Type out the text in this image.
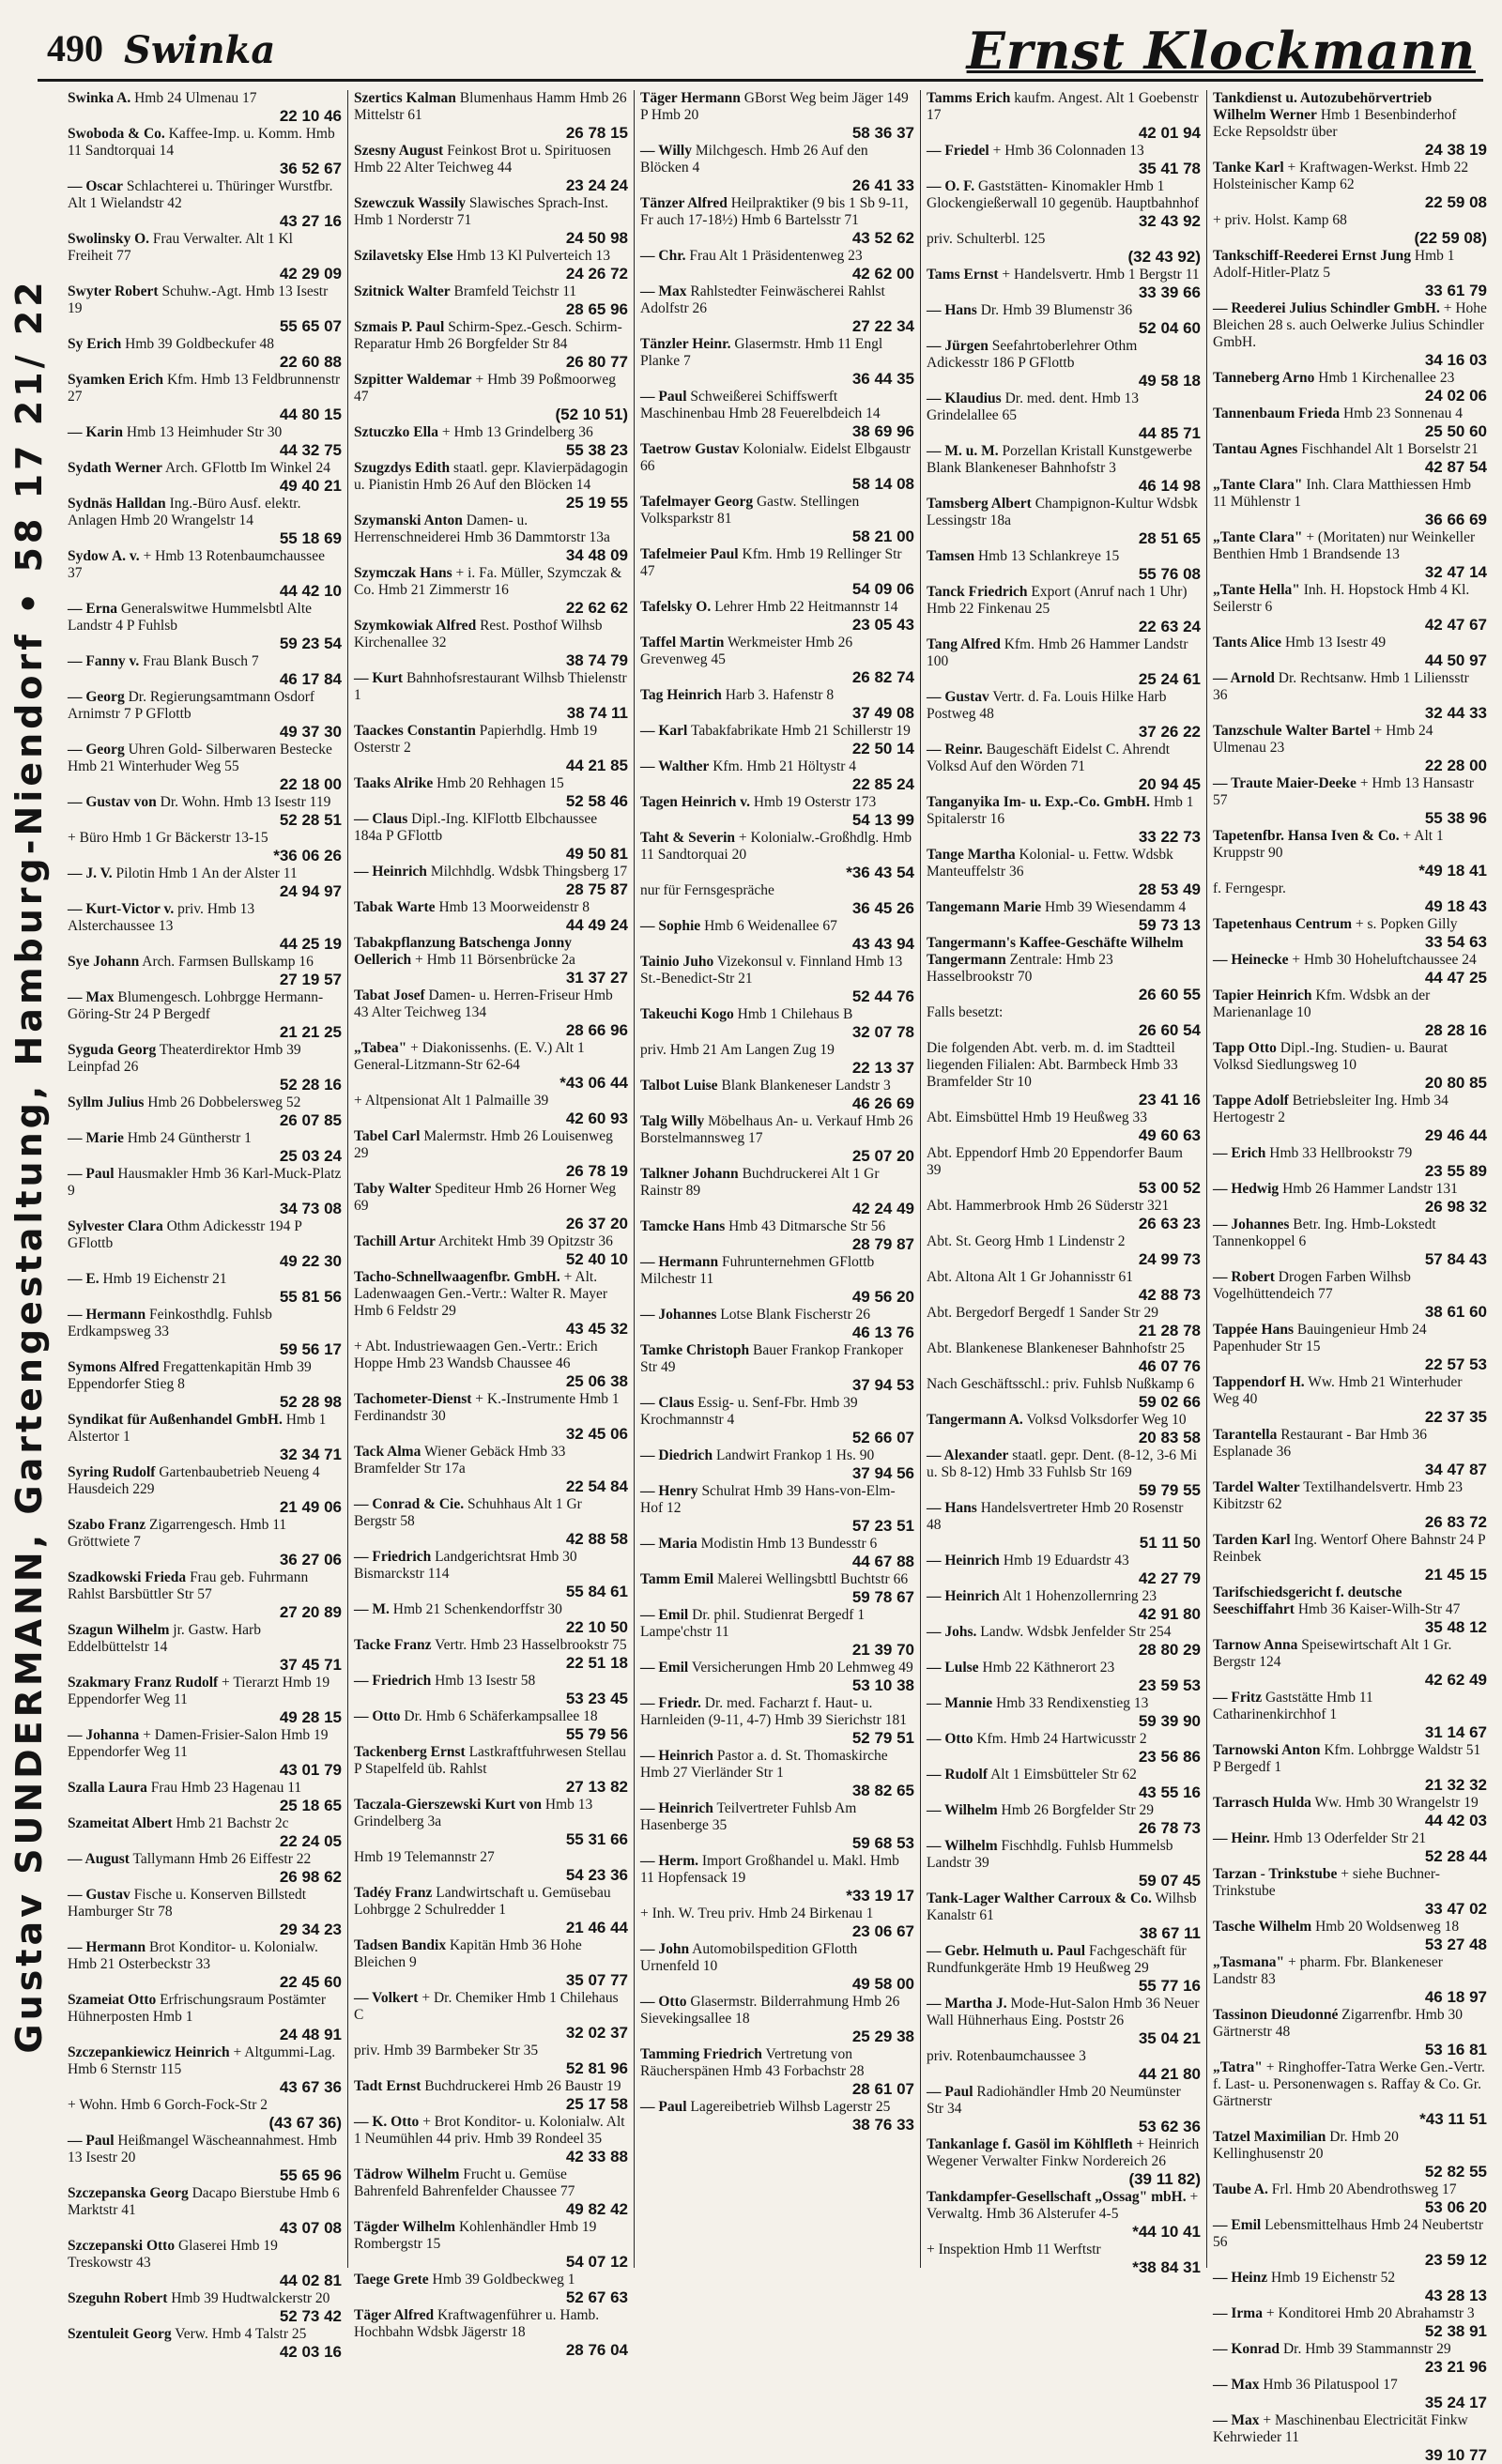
490 Swinka	Ernst Klockmann
Gustav SUNDERMANN, Gartengestaltung, Hamburg-Niendorf • 58 17 21/ 22
Swinka A. Hmb 24 Ulmenau 17
22 10 46
Swoboda & Co. Kaffee-Imp. u. Komm. Hmb 11 Sandtorquai 14
36 52 67
— Oscar Schlachterei u. Thüringer Wurstfbr. Alt 1 Wielandstr 42
43 27 16
Swolinsky O. Frau Verwalter. Alt 1 Kl Freiheit 77
42 29 09
Swyter Robert Schuhw.-Agt. Hmb 13 Isestr 19
55 65 07
Sy Erich Hmb 39 Goldbeckufer 48
22 60 88
Syamken Erich Kfm. Hmb 13 Feldbrunnenstr 27
44 80 15
— Karin Hmb 13 Heimhuder Str 30
44 32 75
Sydath Werner Arch. GFlottb Im Winkel 24
49 40 21
Sydnäs Halldan Ing.-Büro Ausf. elektr. Anlagen Hmb 20 Wrangelstr 14
55 18 69
Sydow A. v. + Hmb 13 Rotenbaumchaussee 37
44 42 10
— Erna Generalswitwe Hummelsbtl Alte Landstr 4 P Fuhlsb
59 23 54
— Fanny v. Frau Blank Busch 7
46 17 84
— Georg Dr. Regierungsamtmann Osdorf Arnimstr 7 P GFlottb
49 37 30
— Georg Uhren Gold- Silberwaren Bestecke Hmb 21 Winterhuder Weg 55
22 18 00
— Gustav von Dr. Wohn. Hmb 13 Isestr 119
52 28 51
+ Büro Hmb 1 Gr Bäckerstr 13-15
*36 06 26
— J. V. Pilotin Hmb 1 An der Alster 11
24 94 97
— Kurt-Victor v. priv. Hmb 13 Alsterchaussee 13
44 25 19
Sye Johann Arch. Farmsen Bullskamp 16
27 19 57
— Max Blumengesch. Lohbrgge Hermann-Göring-Str 24 P Bergedf
21 21 25
Syguda Georg Theaterdirektor Hmb 39 Leinpfad 26
52 28 16
Syllm Julius Hmb 26 Dobbelersweg 52
26 07 85
— Marie Hmb 24 Güntherstr 1
25 03 24
— Paul Hausmakler Hmb 36 Karl-Muck-Platz 9
34 73 08
Sylvester Clara Othm Adickesstr 194 P GFlottb
49 22 30
— E. Hmb 19 Eichenstr 21
55 81 56
— Hermann Feinkosthdlg. Fuhlsb Erdkampsweg 33
59 56 17
Symons Alfred Fregattenkapitän Hmb 39 Eppendorfer Stieg 8
52 28 98
Syndikat für Außenhandel GmbH. Hmb 1 Alstertor 1
32 34 71
Syring Rudolf Gartenbaubetrieb Neueng 4 Hausdeich 229
21 49 06
Szabo Franz Zigarrengesch. Hmb 11 Gröttwiete 7
36 27 06
Szadkowski Frieda Frau geb. Fuhrmann Rahlst Barsbüttler Str 57
27 20 89
Szagun Wilhelm jr. Gastw. Harb Eddelbüttelstr 14
37 45 71
Szakmary Franz Rudolf + Tierarzt Hmb 19 Eppendorfer Weg 11
49 28 15
— Johanna + Damen-Frisier-Salon Hmb 19 Eppendorfer Weg 11
43 01 79
Szalla Laura Frau Hmb 23 Hagenau 11
25 18 65
Szameitat Albert Hmb 21 Bachstr 2c
22 24 05
— August Tallymann Hmb 26 Eiffestr 22
26 98 62
— Gustav Fische u. Konserven Billstedt Hamburger Str 78
29 34 23
— Hermann Brot Konditor- u. Kolonialw. Hmb 21 Osterbeckstr 33
22 45 60
Szameiat Otto Erfrischungsraum Postämter Hühnerposten Hmb 1
24 48 91
Szczepankiewicz Heinrich + Altgummi-Lag. Hmb 6 Sternstr 115
43 67 36
+ Wohn. Hmb 6 Gorch-Fock-Str 2
(43 67 36)
— Paul Heißmangel Wäscheannahmest. Hmb 13 Isestr 20
55 65 96
Szczepanska Georg Dacapo Bierstube Hmb 6 Marktstr 41
43 07 08
Szczepanski Otto Glaserei Hmb 19 Treskowstr 43
44 02 81
Szeguhn Robert Hmb 39 Hudtwalckerstr 20
52 73 42
Szentuleit Georg Verw. Hmb 4 Talstr 25
42 03 16
Szertics Kalman Blumenhaus Hamm Hmb 26 Mittelstr 61
26 78 15
Szesny August Feinkost Brot u. Spirituosen Hmb 22 Alter Teichweg 44
23 24 24
Szewczuk Wassily Slawisches Sprach-Inst. Hmb 1 Norderstr 71
24 50 98
Szilavetsky Else Hmb 13 Kl Pulverteich 13
24 26 72
Szitnick Walter Bramfeld Teichstr 11
28 65 96
Szmais P. Paul Schirm-Spez.-Gesch. Schirm-Reparatur Hmb 26 Borgfelder Str 84
26 80 77
Szpitter Waldemar + Hmb 39 Poßmoorweg 47
(52 10 51)
Sztuczko Ella + Hmb 13 Grindelberg 36
55 38 23
Szugzdys Edith staatl. gepr. Klavierpädagogin u. Pianistin Hmb 26 Auf den Blöcken 14
25 19 55
Szymanski Anton Damen- u. Herrenschneiderei Hmb 36 Dammtorstr 13a
34 48 09
Szymczak Hans + i. Fa. Müller, Szymczak & Co. Hmb 21 Zimmerstr 16
22 62 62
Szymkowiak Alfred Rest. Posthof Wilhsb Kirchenallee 32
38 74 79
— Kurt Bahnhofsrestaurant Wilhsb Thielenstr 1
38 74 11
Taackes Constantin Papierhdlg. Hmb 19 Osterstr 2
44 21 85
Taaks Alrike Hmb 20 Rehhagen 15
52 58 46
— Claus Dipl.-Ing. KlFlottb Elbchaussee 184a P GFlottb
49 50 81
— Heinrich Milchhdlg. Wdsbk Thingsberg 17
28 75 87
Tabak Warte Hmb 13 Moorweidenstr 8
44 49 24
Tabakpflanzung Batschenga Jonny Oellerich + Hmb 11 Börsenbrücke 2a
31 37 27
Tabat Josef Damen- u. Herren-Friseur Hmb 43 Alter Teichweg 134
28 66 96
„Tabea" + Diakonissenhs. (E. V.) Alt 1 General-Litzmann-Str 62-64
*43 06 44
+ Altpensionat Alt 1 Palmaille 39
42 60 93
Tabel Carl Malermstr. Hmb 26 Louisenweg 29
26 78 19
Taby Walter Spediteur Hmb 26 Horner Weg 69
26 37 20
Tachill Artur Architekt Hmb 39 Opitzstr 36
52 40 10
Tacho-Schnellwaagenfbr. GmbH. + Alt. Ladenwaagen Gen.-Vertr.: Walter R. Mayer Hmb 6 Feldstr 29
43 45 32
+ Abt. Industriewaagen Gen.-Vertr.: Erich Hoppe Hmb 23 Wandsb Chaussee 46
25 06 38
Tachometer-Dienst + K.-Instrumente Hmb 1 Ferdinandstr 30
32 45 06
Tack Alma Wiener Gebäck Hmb 33 Bramfelder Str 17a
22 54 84
— Conrad & Cie. Schuhhaus Alt 1 Gr Bergstr 58
42 88 58
— Friedrich Landgerichtsrat Hmb 30 Bismarckstr 114
55 84 61
— M. Hmb 21 Schenkendorffstr 30
22 10 50
Tacke Franz Vertr. Hmb 23 Hasselbrookstr 75
22 51 18
— Friedrich Hmb 13 Isestr 58
53 23 45
— Otto Dr. Hmb 6 Schäferkampsallee 18
55 79 56
Tackenberg Ernst Lastkraftfuhrwesen Stellau P Stapelfeld üb. Rahlst
27 13 82
Taczala-Gierszewski Kurt von Hmb 13 Grindelberg 3a
55 31 66
Hmb 19 Telemannstr 27
54 23 36
Tadéy Franz Landwirtschaft u. Gemüsebau Lohbrgge 2 Schulredder 1
21 46 44
Tadsen Bandix Kapitän Hmb 36 Hohe Bleichen 9
35 07 77
— Volkert + Dr. Chemiker Hmb 1 Chilehaus C
32 02 37
priv. Hmb 39 Barmbeker Str 35
52 81 96
Tadt Ernst Buchdruckerei Hmb 26 Baustr 19
25 17 58
— K. Otto + Brot Konditor- u. Kolonialw. Alt 1 Neumühlen 44 priv. Hmb 39 Rondeel 35
42 33 88
Tädrow Wilhelm Frucht u. Gemüse Bahrenfeld Bahrenfelder Chaussee 77
49 82 42
Tägder Wilhelm Kohlenhändler Hmb 19 Rombergstr 15
54 07 12
Taege Grete Hmb 39 Goldbeckweg 1
52 67 63
Täger Alfred Kraftwagenführer u. Hamb. Hochbahn Wdsbk Jägerstr 18
28 76 04
Täger Hermann GBorst Weg beim Jäger 149 P Hmb 20
58 36 37
— Willy Milchgesch. Hmb 26 Auf den Blöcken 4
26 41 33
Tänzer Alfred Heilpraktiker (9 bis 1 Sb 9-11, Fr auch 17-18½) Hmb 6 Bartelsstr 71
43 52 62
— Chr. Frau Alt 1 Präsidentenweg 23
42 62 00
— Max Rahlstedter Feinwäscherei Rahlst Adolfstr 26
27 22 34
Tänzler Heinr. Glasermstr. Hmb 11 Engl Planke 7
36 44 35
— Paul Schweißerei Schiffswerft Maschinenbau Hmb 28 Feuerelbdeich 14
38 69 96
Taetrow Gustav Kolonialw. Eidelst Elbgaustr 66
58 14 08
Tafelmayer Georg Gastw. Stellingen Volksparkstr 81
58 21 00
Tafelmeier Paul Kfm. Hmb 19 Rellinger Str 47
54 09 06
Tafelsky O. Lehrer Hmb 22 Heitmannstr 14
23 05 43
Taffel Martin Werkmeister Hmb 26 Grevenweg 45
26 82 74
Tag Heinrich Harb 3. Hafenstr 8
37 49 08
— Karl Tabakfabrikate Hmb 21 Schillerstr 19
22 50 14
— Walther Kfm. Hmb 21 Höltystr 4
22 85 24
Tagen Heinrich v. Hmb 19 Osterstr 173
54 13 99
Taht & Severin + Kolonialw.-Großhdlg. Hmb 11 Sandtorquai 20
*36 43 54
nur für Fernsgespräche
36 45 26
— Sophie Hmb 6 Weidenallee 67
43 43 94
Tainio Juho Vizekonsul v. Finnland Hmb 13 St.-Benedict-Str 21
52 44 76
Takeuchi Kogo Hmb 1 Chilehaus B
32 07 78
priv. Hmb 21 Am Langen Zug 19
22 13 37
Talbot Luise Blank Blankeneser Landstr 3
46 26 69
Talg Willy Möbelhaus An- u. Verkauf Hmb 26 Borstelmannsweg 17
25 07 20
Talkner Johann Buchdruckerei Alt 1 Gr Rainstr 89
42 24 49
Tamcke Hans Hmb 43 Ditmarsche Str 56
28 79 87
— Hermann Fuhrunternehmen GFlottb Milchestr 11
49 56 20
— Johannes Lotse Blank Fischerstr 26
46 13 76
Tamke Christoph Bauer Frankop Frankoper Str 49
37 94 53
— Claus Essig- u. Senf-Fbr. Hmb 39 Krochmannstr 4
52 66 07
— Diedrich Landwirt Frankop 1 Hs. 90
37 94 56
— Henry Schulrat Hmb 39 Hans-von-Elm-Hof 12
57 23 51
— Maria Modistin Hmb 13 Bundesstr 6
44 67 88
Tamm Emil Malerei Wellingsbttl Buchtstr 66
59 78 67
— Emil Dr. phil. Studienrat Bergedf 1 Lampe'chstr 11
21 39 70
— Emil Versicherungen Hmb 20 Lehmweg 49
53 10 38
— Friedr. Dr. med. Facharzt f. Haut- u. Harnleiden (9-11, 4-7) Hmb 39 Sierichstr 181
52 79 51
— Heinrich Pastor a. d. St. Thomaskirche Hmb 27 Vierländer Str 1
38 82 65
— Heinrich Teilvertreter Fuhlsb Am Hasenberge 35
59 68 53
— Herm. Import Großhandel u. Makl. Hmb 11 Hopfensack 19
*33 19 17
+ Inh. W. Treu priv. Hmb 24 Birkenau 1
23 06 67
— John Automobilspedition GFlotth Urnenfeld 10
49 58 00
— Otto Glasermstr. Bilderrahmung Hmb 26 Sievekingsallee 18
25 29 38
Tamming Friedrich Vertretung von Räucherspänen Hmb 43 Forbachstr 28
28 61 07
— Paul Lagereibetrieb Wilhsb Lagerstr 25
38 76 33
Tamms Erich kaufm. Angest. Alt 1 Goebenstr 17
42 01 94
— Friedel + Hmb 36 Colonnaden 13
35 41 78
— O. F. Gaststätten- Kinomakler Hmb 1 Glockengießerwall 10 gegenüb. Hauptbahnhof
32 43 92
priv. Schulterbl. 125
(32 43 92)
Tams Ernst + Handelsvertr. Hmb 1 Bergstr 11
33 39 66
— Hans Dr. Hmb 39 Blumenstr 36
52 04 60
— Jürgen Seefahrtoberlehrer Othm Adickesstr 186 P GFlottb
49 58 18
— Klaudius Dr. med. dent. Hmb 13 Grindelallee 65
44 85 71
— M. u. M. Porzellan Kristall Kunstgewerbe Blank Blankeneser Bahnhofstr 3
46 14 98
Tamsberg Albert Champignon-Kultur Wdsbk Lessingstr 18a
28 51 65
Tamsen Hmb 13 Schlankreye 15
55 76 08
Tanck Friedrich Export (Anruf nach 1 Uhr) Hmb 22 Finkenau 25
22 63 24
Tang Alfred Kfm. Hmb 26 Hammer Landstr 100
25 24 61
— Gustav Vertr. d. Fa. Louis Hilke Harb Postweg 48
37 26 22
— Reinr. Baugeschäft Eidelst C. Ahrendt Volksd Auf den Wörden 71
20 94 45
Tanganyika Im- u. Exp.-Co. GmbH. Hmb 1 Spitalerstr 16
33 22 73
Tange Martha Kolonial- u. Fettw. Wdsbk Manteuffelstr 36
28 53 49
Tangemann Marie Hmb 39 Wiesendamm 4
59 73 13
Tangermann's Kaffee-Geschäfte Wilhelm Tangermann Zentrale: Hmb 23 Hasselbrookstr 70
26 60 55
Falls besetzt:
26 60 54
Die folgenden Abt. verb. m. d. im Stadtteil liegenden Filialen: Abt. Barmbeck Hmb 33 Bramfelder Str 10
23 41 16
Abt. Eimsbüttel Hmb 19 Heußweg 33
49 60 63
Abt. Eppendorf Hmb 20 Eppendorfer Baum 39
53 00 52
Abt. Hammerbrook Hmb 26 Süderstr 321
26 63 23
Abt. St. Georg Hmb 1 Lindenstr 2
24 99 73
Abt. Altona Alt 1 Gr Johannisstr 61
42 88 73
Abt. Bergedorf Bergedf 1 Sander Str 29
21 28 78
Abt. Blankenese Blankeneser Bahnhofstr 25
46 07 76
Nach Geschäftsschl.: priv. Fuhlsb Nußkamp 6
59 02 66
Tangermann A. Volksd Volksdorfer Weg 10
20 83 58
— Alexander staatl. gepr. Dent. (8-12, 3-6 Mi u. Sb 8-12) Hmb 33 Fuhlsb Str 169
59 79 55
— Hans Handelsvertreter Hmb 20 Rosenstr 48
51 11 50
— Heinrich Hmb 19 Eduardstr 43
42 27 79
— Heinrich Alt 1 Hohenzollernring 23
42 91 80
— Johs. Landw. Wdsbk Jenfelder Str 254
28 80 29
— Lulse Hmb 22 Käthnerort 23
23 59 53
— Mannie Hmb 33 Rendixenstieg 13
59 39 90
— Otto Kfm. Hmb 24 Hartwicusstr 2
23 56 86
— Rudolf Alt 1 Eimsbütteler Str 62
43 55 16
— Wilhelm Hmb 26 Borgfelder Str 29
26 78 73
— Wilhelm Fischhdlg. Fuhlsb Hummelsb Landstr 39
59 07 45
Tank-Lager Walther Carroux & Co. Wilhsb Kanalstr 61
38 67 11
— Gebr. Helmuth u. Paul Fachgeschäft für Rundfunkgeräte Hmb 19 Heußweg 29
55 77 16
— Martha J. Mode-Hut-Salon Hmb 36 Neuer Wall Hühnerhaus Eing. Poststr 26
35 04 21
priv. Rotenbaumchaussee 3
44 21 80
— Paul Radiohändler Hmb 20 Neumünster Str 34
53 62 36
Tankanlage f. Gasöl im Köhlfleth + Heinrich Wegener Verwalter Finkw Nordereich 26
(39 11 82)
Tankdampfer-Gesellschaft „Ossag" mbH. + Verwaltg. Hmb 36 Alsterufer 4-5
*44 10 41
+ Inspektion Hmb 11 Werftstr
*38 84 31
Tankdienst u. Autozubehörvertrieb Wilhelm Werner Hmb 1 Besenbinderhof Ecke Repsoldstr über
24 38 19
Tanke Karl + Kraftwagen-Werkst. Hmb 22 Holsteinischer Kamp 62
22 59 08
+ priv. Holst. Kamp 68
(22 59 08)
Tankschiff-Reederei Ernst Jung Hmb 1 Adolf-Hitler-Platz 5
33 61 79
— Reederei Julius Schindler GmbH. + Hohe Bleichen 28 s. auch Oelwerke Julius Schindler GmbH.
34 16 03
Tanneberg Arno Hmb 1 Kirchenallee 23
24 02 06
Tannenbaum Frieda Hmb 23 Sonnenau 4
25 50 60
Tantau Agnes Fischhandel Alt 1 Borselstr 21
42 87 54
„Tante Clara" Inh. Clara Matthiessen Hmb 11 Mühlenstr 1
36 66 69
„Tante Clara" + (Moritaten) nur Weinkeller Benthien Hmb 1 Brandsende 13
32 47 14
„Tante Hella" Inh. H. Hopstock Hmb 4 Kl. Seilerstr 6
42 47 67
Tants Alice Hmb 13 Isestr 49
44 50 97
— Arnold Dr. Rechtsanw. Hmb 1 Liliensstr 36
32 44 33
Tanzschule Walter Bartel + Hmb 24 Ulmenau 23
22 28 00
— Traute Maier-Deeke + Hmb 13 Hansastr 57
55 38 96
Tapetenfbr. Hansa Iven & Co. + Alt 1 Kruppstr 90
*49 18 41
f. Ferngespr.
49 18 43
Tapetenhaus Centrum + s. Popken Gilly
33 54 63
— Heinecke + Hmb 30 Hoheluftchaussee 24
44 47 25
Tapier Heinrich Kfm. Wdsbk an der Marienanlage 10
28 28 16
Tapp Otto Dipl.-Ing. Studien- u. Baurat Volksd Siedlungsweg 10
20 80 85
Tappe Adolf Betriebsleiter Ing. Hmb 34 Hertogestr 2
29 46 44
— Erich Hmb 33 Hellbrookstr 79
23 55 89
— Hedwig Hmb 26 Hammer Landstr 131
26 98 32
— Johannes Betr. Ing. Hmb-Lokstedt Tannenkoppel 6
57 84 43
— Robert Drogen Farben Wilhsb Vogelhüttendeich 77
38 61 60
Tappée Hans Bauingenieur Hmb 24 Papenhuder Str 15
22 57 53
Tappendorf H. Ww. Hmb 21 Winterhuder Weg 40
22 37 35
Tarantella Restaurant - Bar Hmb 36 Esplanade 36
34 47 87
Tardel Walter Textilhandelsvertr. Hmb 23 Kibitzstr 62
26 83 72
Tarden Karl Ing. Wentorf Ohere Bahnstr 24 P Reinbek
21 45 15
Tarifschiedsgericht f. deutsche Seeschiffahrt Hmb 36 Kaiser-Wilh-Str 47
35 48 12
Tarnow Anna Speisewirtschaft Alt 1 Gr. Bergstr 124
42 62 49
— Fritz Gaststätte Hmb 11 Catharinenkirchhof 1
31 14 67
Tarnowski Anton Kfm. Lohbrgge Waldstr 51 P Bergedf 1
21 32 32
Tarrasch Hulda Ww. Hmb 30 Wrangelstr 19
44 42 03
— Heinr. Hmb 13 Oderfelder Str 21
52 28 44
Tarzan - Trinkstube + siehe Buchner-Trinkstube
33 47 02
Tasche Wilhelm Hmb 20 Woldsenweg 18
53 27 48
„Tasmana" + pharm. Fbr. Blankeneser Landstr 83
46 18 97
Tassinon Dieudonné Zigarrenfbr. Hmb 30 Gärtnerstr 48
53 16 81
„Tatra" + Ringhoffer-Tatra Werke Gen.-Vertr. f. Last- u. Personenwagen s. Raffay & Co. Gr. Gärtnerstr
*43 11 51
Tatzel Maximilian Dr. Hmb 20 Kellinghusenstr 20
52 82 55
Taube A. Frl. Hmb 20 Abendrothsweg 17
53 06 20
— Emil Lebensmittelhaus Hmb 24 Neubertstr 56
23 59 12
— Heinz Hmb 19 Eichenstr 52
43 28 13
— Irma + Konditorei Hmb 20 Abrahamstr 3
52 38 91
— Konrad Dr. Hmb 39 Stammannstr 29
23 21 96
— Max Hmb 36 Pilatuspool 17
35 24 17
— Max + Maschinenbau Electricität Finkw Kehrwieder 11
39 10 77
